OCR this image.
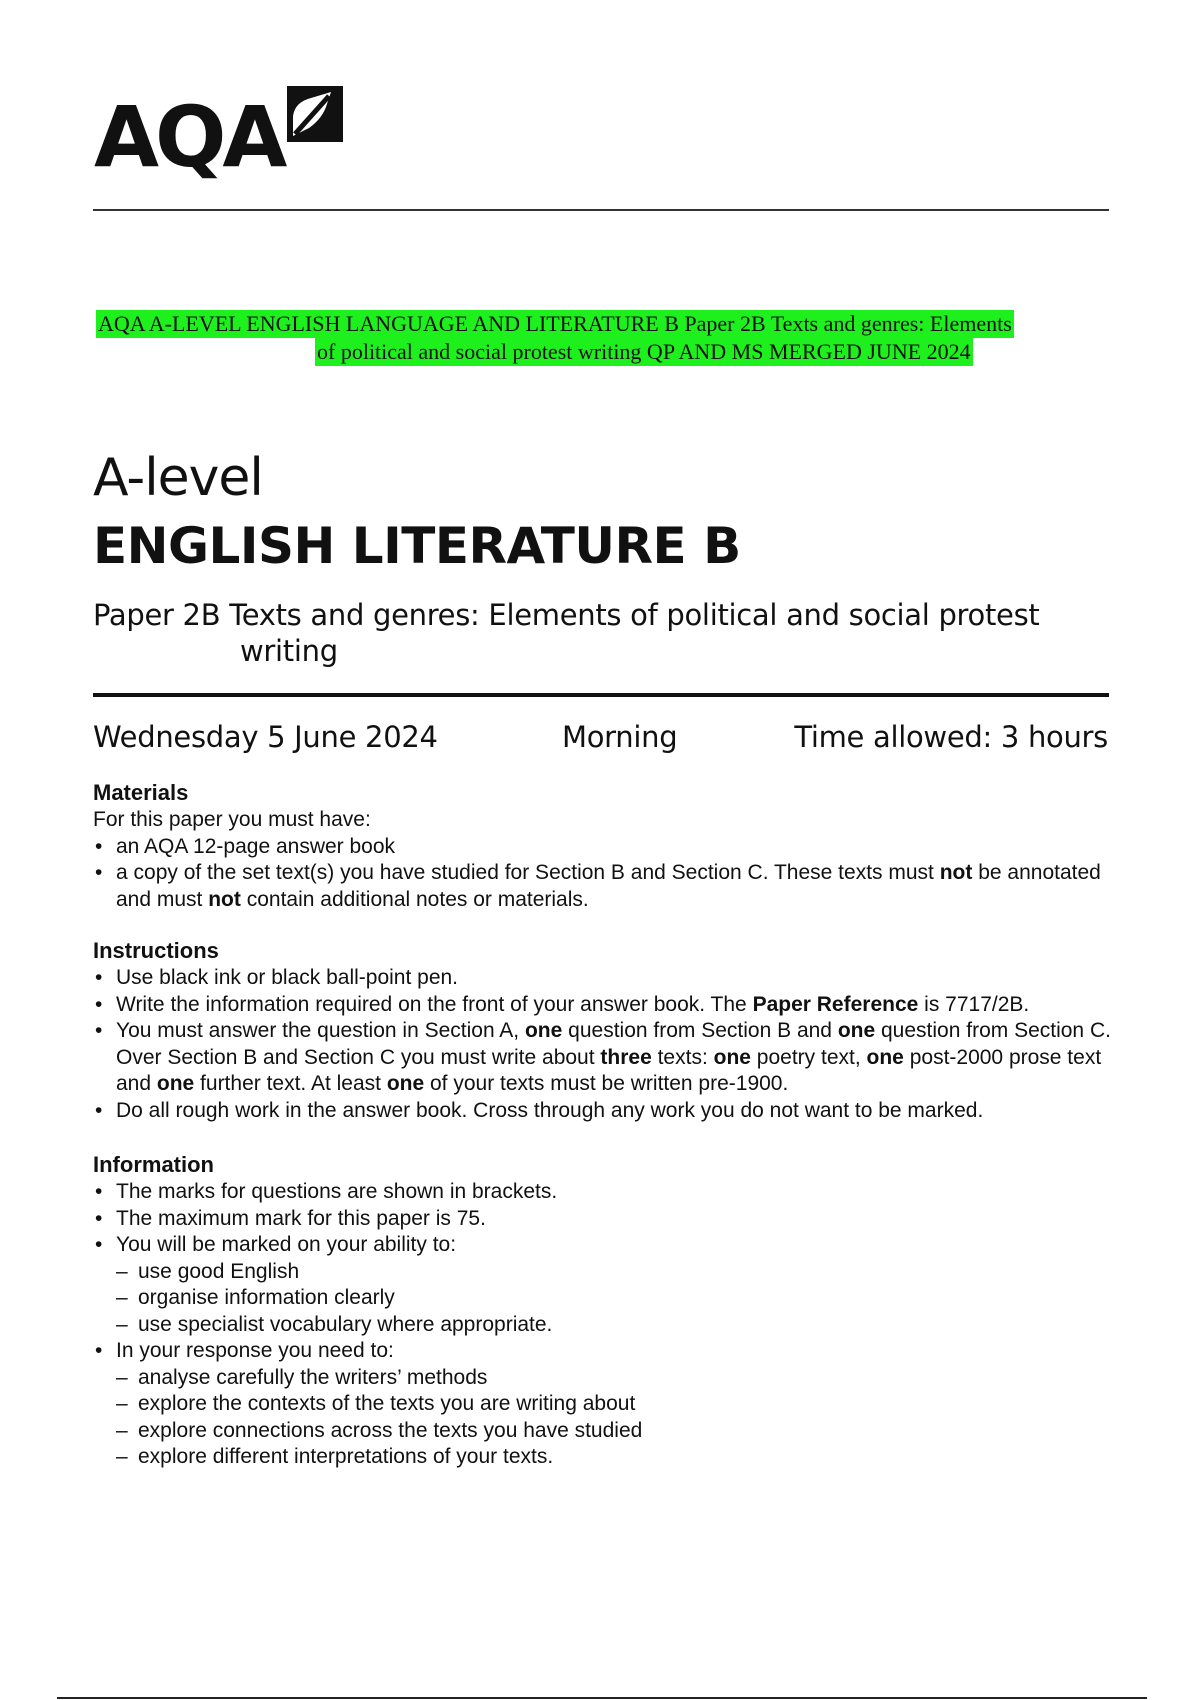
AQA
AQA A-LEVEL ENGLISH LANGUAGE AND LITERATURE B Paper 2B Texts and genres: Elements
of political and social protest writing QP AND MS MERGED JUNE 2024
A-level
ENGLISH LITERATURE B
Paper 2B Texts and genres: Elements of political and social protest
writing
Wednesday 5 June 2024	Morning	Time allowed: 3 hours
Materials

For this paper you must have:

• an AQA 12-page answer book
• a copy of the set text(s) you have studied for Section B and Section C. These texts must not be annotated and must not contain additional notes or materials.
Instructions
• Use black ink or black ball-point pen.
• Write the information required on the front of your answer book. The Paper Reference is 7717/2B.
• You must answer the question in Section A, one question from Section B and one question from Section C. Over Section B and Section C you must write about three texts: one poetry text, one post-2000 prose text and one further text. At least one of your texts must be written pre-1900.
• Do all rough work in the answer book. Cross through any work you do not want to be marked.
Information
• The marks for questions are shown in brackets.
• The maximum mark for this paper is 75.
• You will be marked on your ability to:
– use good English
– organise information clearly
– use specialist vocabulary where appropriate.
• In your response you need to:
– analyse carefully the writers’ methods
– explore the contexts of the texts you are writing about
– explore connections across the texts you have studied
– explore different interpretations of your texts.
